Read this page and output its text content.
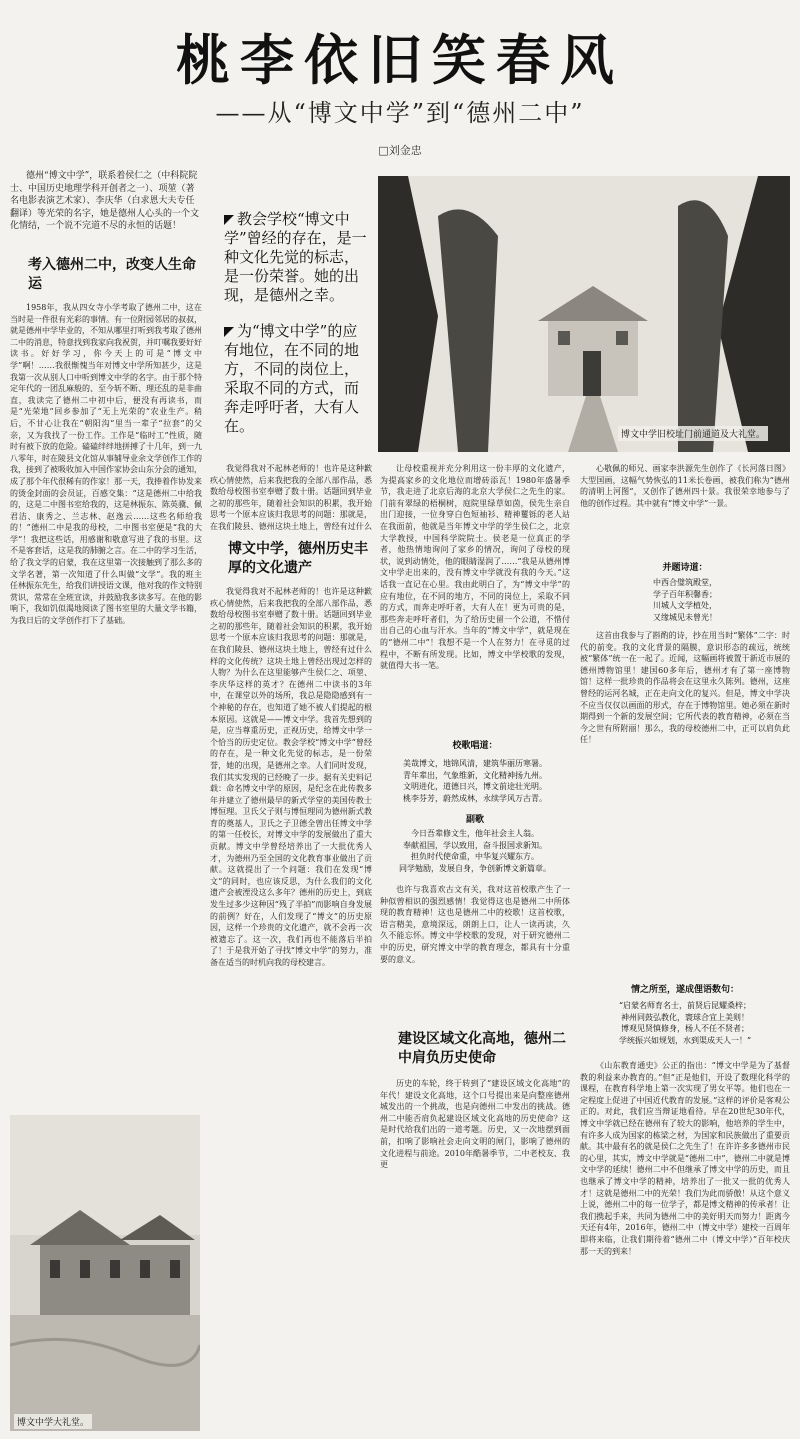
桃李依旧笑春风
——从“博文中学”到“德州二中”
□刘金忠
德州“博文中学”，联系着侯仁之（中科院院士、中国历史地理学科开创者之一）、项堃（著名电影表演艺术家）、李庆华（白求恩大夫专任翻译）等光荣的名字，她是德州人心头的一个文化情结，一个说不完道不尽的永恒的话题！
考入德州二中，改变人生命运
1958年，我从四女寺小学考取了德州二中，这在当时是一件很有光彩的事情。有一位附园邻居的叔叔，就是德州中学毕业的，不知从哪里打听到我考取了德州二中的消息，特意找到我家向我祝贺，并叮嘱我要好好读书。好好学习，你今天上的可是“博文中学”啊！……我很惭愧当年对博文中学所知甚少，这是我第一次从别人口中听到博文中学的名字。由于那个特定年代的一团乱麻般的、至今斩不断、理还乱的是非曲直，我读完了德州二中初中后，便没有再读书，而是“光荣地”回乡参加了“无上光荣的”农业生产。稍后，不甘心让我在“朝阳沟”里当一辈子“拉套”的父亲，又为我找了一份工作。工作是“临时工”性质，随时有被下放的危险。磕磕绊绊地拼搏了十几年，到一九八零年，时在陵县文化馆从事辅导业余文学创作工作的我，接到了被吸收加入中国作家协会山东分会的通知，成了那个年代很稀有的作家！那一天，我捧着作协发来的烫金封面的会员证，百感交集：“这是德州二中给我的，这是二中图书室给我的，这是林振东、陈英骥、佩君洁、康秀之、兰志林、赵逸云……这些名师给我的！”德州二中是我的母校，二中图书室便是“我的大学”！我把这些话，用感谢和敬意写进了我的书里。这不是客套话，这是我的肺腑之言。在二中的学习生活，给了我文学的启蒙，我在这里第一次接触到了那么多的文学名著，第一次知道了什么叫做“文学”。我的班主任林振东先生，给我们讲授语文课，他对我的作文特别赏识，常常在全班宣读，并鼓励我多读多写。在他的影响下，我如饥似渴地阅读了图书室里的大量文学书籍，为我日后的文学创作打下了基础。
博文中学大礼堂。
教会学校“博文中学”曾经的存在，是一种文化先觉的标志，是一份荣誉。她的出现，是德州之幸。
为“博文中学”的应有地位，在不同的地方，不同的岗位上，采取不同的方式，而奔走呼吁者，大有人在。	博文中学旧校址门前通道及大礼堂。
我觉得我对不起林老师的！也许是这种歉疚心情使然，后来我把我的全部八部作品，悉数给母校图书室奉赠了数十册。话题回到毕业之初的那些年，随着社会知识的积累，我开始思考一个原本应该归我思考的问题：那就是，在我们陵县、德州这块土地上，曾经有过什么
博文中学，德州历史丰厚的文化遗产
我觉得我对不起林老师的！也许是这种歉疚心情使然，后来我把我的全部八部作品，悉数给母校图书室奉赠了数十册。话题回到毕业之初的那些年，随着社会知识的积累，我开始思考一个原本应该归我思考的问题：那就是，在我们陵县、德州这块土地上，曾经有过什么样的文化传统？这块土地上曾经出现过怎样的人物？为什么在这里能够产生侯仁之、项堃、李庆华这样的英才？在德州二中读书的3年中，在课堂以外的场所，我总是隐隐感到有一个神秘的存在，也知道了她不被人们提起的根本原因。这就是——博文中学。我首先想到的是，应当尊重历史，正视历史，给博文中学一个恰当的历史定位。教会学校“博文中学”曾经的存在，是一种文化先觉的标志，是一份荣誉，她的出现，是德州之幸。人们同时发现，我们其实发现的已经晚了一步。据有关史料记载：命名博文中学的原因，是纪念在此传教多年并建立了德州最早的新式学堂的美国传教士博恒理。卫氏父子则与博恒理同为德州新式教育的奠基人，卫氏之子卫德全曾出任博文中学的第一任校长，对博文中学的发展做出了重大贡献。博文中学曾经培养出了一大批优秀人才，为德州乃至全国的文化教育事业做出了贡献。这就提出了一个问题：我们在发现“博文”的同时，也应该反思，为什么我们的文化遗产会被湮没这么多年？德州的历史上，到底发生过多少这种因“残了半拍”而影响自身发展的前例？好在，人们发现了“博文”的历史原因，这样一个珍贵的文化遗产，就不会再一次被遗忘了。这一次，我们再也不能落后半拍了！于是我开始了寻找“博文中学”的努力，准备在适当的时机向我的母校建言。
让母校重视并充分利用这一份丰厚的文化遗产，为提高家乡的文化地位而增砖添瓦！1980年盛暑季节，我走进了北京后海的北京大学侯仁之先生的家。门前有翠绿的梧桐树，庭院里绿草如茵，侯先生亲自出门迎接，一位身穿白色短袖衫、精神矍铄的老人站在我面前，他就是当年博文中学的学生侯仁之，北京大学教授，中国科学院院士。侯老是一位真正的学者，他热情地询问了家乡的情况，询问了母校的现状，说到动情处，他的眼睛湿润了……“我是从德州博文中学走出来的，没有博文中学就没有我的今天。”这话我一直记在心里。我由此明白了，为“博文中学”的应有地位，在不同的地方，不同的岗位上，采取不同的方式，而奔走呼吁者，大有人在！更为可贵的是，那些奔走呼吁者们，为了给历史留一个公道，不惜付出自己的心血与汗水。当年的“博文中学”，就是现在的“德州二中”！我想不是一个人在努力！在寻觅的过程中，不断有所发现。比如，博文中学校歌的发现，就值得大书一笔。
校歌唱道：
美哉博文，地锦风清，建筑华丽历寒暑。
青年辈出，气象维新，文化精神扬九州。
文明进化，道德日兴，博文前途壮光明。
桃李芬芳，蔚然成林，永续学风万古青。
副歌
今日吾辈修文生，他年社会主人翁。
奉献祖国，学以致用，奋斗报国求新知。
担负时代使命重，中华复兴耀东方。
同学勉励，发展自身，争创新博文新篇章。
也许与我喜欢古文有关，我对这首校歌产生了一种似曾相识的强烈感情！我觉得这也是德州二中所体现的教育精神！这也是德州二中的校歌！这首校歌，语言精美，意境深远，朗朗上口，让人一读再读，久久不能忘怀。博文中学校歌的发现，对于研究德州二中的历史，研究博文中学的教育理念，都具有十分重要的意义。
建设区域文化高地，德州二中肩负历史使命
历史的车轮，终于转到了“建设区域文化高地”的年代！建设文化高地，这个口号提出来是向整座德州城发出的一个挑战，也是向德州二中发出的挑战。德州二中能否肩负起建设区域文化高地的历史使命？这是时代给我们出的一道考题。历史，又一次地摆到面前，扣响了影响社会走向文明的闸门，影响了德州的文化进程与前途。2010年酷暑季节，二中老校友、我更
心敬佩的师兄、画家李洪源先生创作了《长河落日图》大型国画，这幅气势恢弘的11米长卷画，被我们称为“德州的清明上河图”，又创作了德州四十景。我很荣幸地参与了他的创作过程。其中就有“博文中学”一景。
并题诗道：
中西合璧筑殿堂，
学子百年积馨香；
川城人文学植处，
又缘城见未曾光！
这首由我参与了斟酌的诗，抄在用当时“繁体”二字：时代的前变。我的文化背景的隔膜，意识形态的疏远，统统被“繁体”统一在一起了。近闻，这幅画将被置于新近市展的德州博物馆里！建国60多年后，德州才有了第一座博物馆！这样一批珍贵的作品将会在这里永久陈列。德州，这座曾经的运河名城，正在走向文化的复兴。但是，博文中学决不应当仅仅以画面的形式，存在于博物馆里。她必须在新时期得到一个新的发展空间；它所代表的教育精神，必须在当今之世有所附丽！那么，我的母校德州二中，正可以肩负此任！
情之所至，遂成俚语数句：
“启蒙名师育名士，前贤后昆耀桑梓；
神州同鼓弘教化，寰球合宜上美则！
博观见贤慎修身，杨人不任不贤者；
学统振兴如规划，水到渠成天人一！”
《山东教育通史》公正的指出：“博文中学是为了基督教的利益来办教育的。”但“正是他们，开设了数理化科学的课程，在教育科学地上第一次实现了男女平等。他们也在一定程度上促进了中国近代教育的发展。”这样的评价是客观公正的。对此，我们应当辩证地看待。早在20世纪30年代，博文中学就已经在德州有了较大的影响，他培养的学生中，有许多人成为国家的栋梁之材，为国家和民族做出了重要贡献。其中最有名的就是侯仁之先生了！在许许多多德州市民的心里，其实，博文中学就是“德州二中”，德州二中就是博文中学的延续！德州二中不但继承了博文中学的历史，而且也继承了博文中学的精神，培养出了一批又一批的优秀人才！这就是德州二中的光荣！我们为此而骄傲！从这个意义上说，德州二中的每一位学子，都是博文精神的传承者！让我们携起手来，共同为德州二中的美好明天而努力！距离今天还有4年，2016年，德州二中（博文中学）建校一百周年即将来临，让我们期待着“德州二中（博文中学）”百年校庆那一天的到来！
